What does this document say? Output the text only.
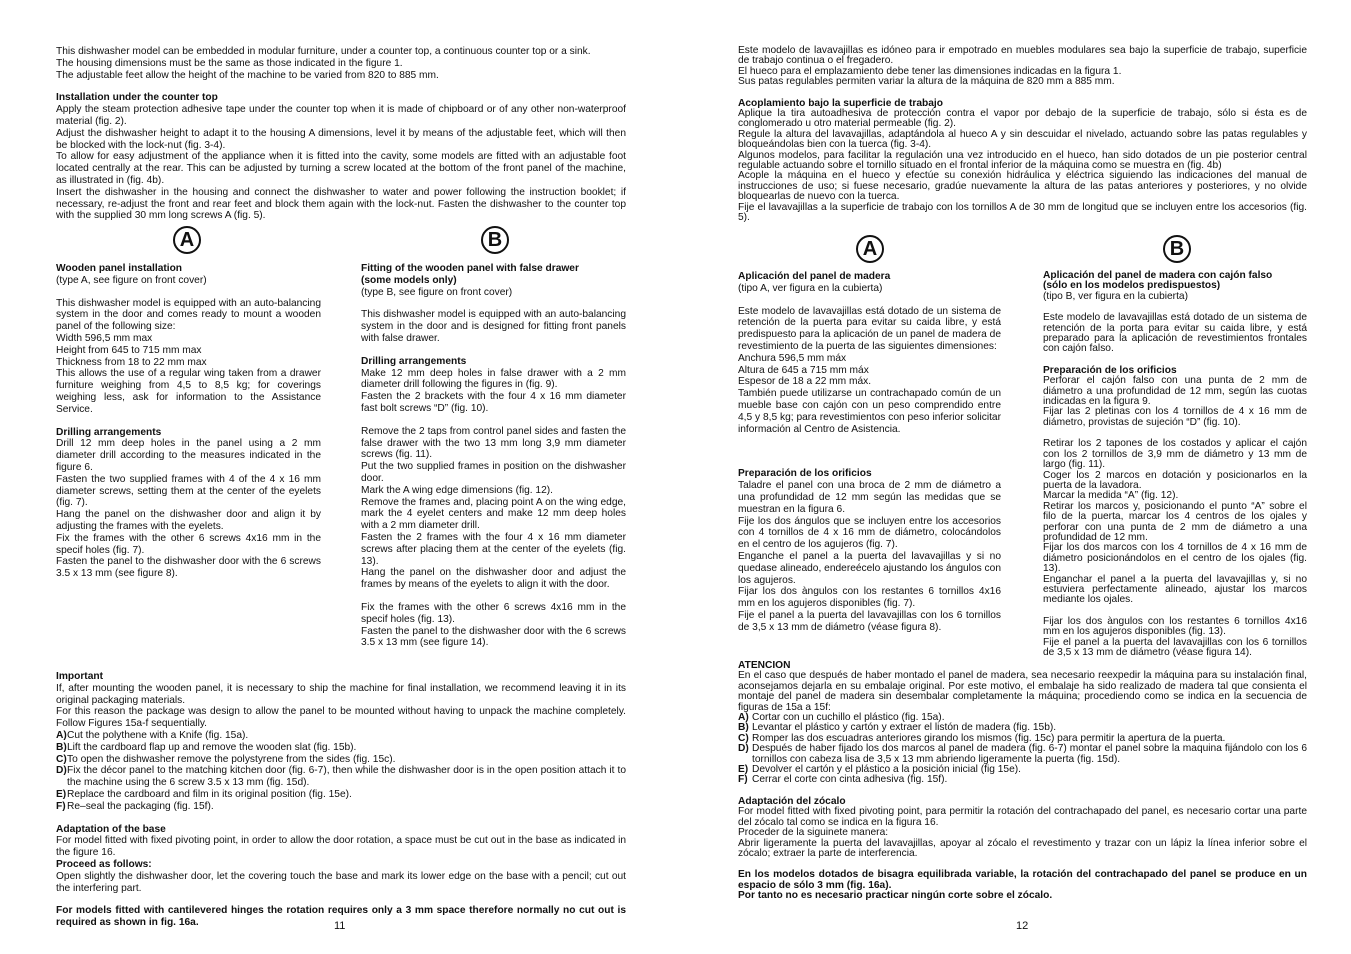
This dishwasher model can be embedded in modular furniture, under a counter top, a continuous counter top or a sink.

The housing dimensions must be the same as those indicated in the figure 1.

The adjustable feet allow the height of the machine to be varied from 820 to 885 mm.

Installation under the counter top

Apply the steam protection adhesive tape under the counter top when it is made of chipboard or of any other non-waterproof material (fig. 2).

Adjust the dishwasher height to adapt it to the housing A dimensions, level it by means of the adjustable feet, which will then be blocked with the lock-nut (fig. 3-4).

To allow for easy adjustment of the appliance when it is fitted into the cavity, some models are fitted with an adjustable foot located centrally at the rear. This can be adjusted by turning a screw located at the bottom of the front panel of the machine, as illustrated in (fig. 4b).

Insert the dishwasher in the housing and connect the dishwasher to water and power following the instruction booklet; if necessary, re-adjust the front and rear feet and block them again with the lock-nut. Fasten the dishwasher to the counter top with the supplied 30 mm long screws A (fig. 5).

A	B

Wooden panel installation

(type A, see figure on front cover)

This dishwasher model is equipped with an auto-balancing system in the door and comes ready to mount a wooden panel of the following size:

Width 596,5 mm max

Height from 645 to 715 mm max

Thickness from 18 to 22 mm max

This allows the use of a regular wing taken from a drawer furniture weighing from 4,5 to 8,5 kg; for coverings weighing less, ask for information to the Assistance Service.

Drilling arrangements

Drill 12 mm deep holes in the panel using a 2 mm diameter drill according to the measures indicated in the figure 6.

Fasten the two supplied frames with 4 of the 4 x 16 mm diameter screws, setting them at the center of the eyelets (fig. 7).

Hang the panel on the dishwasher door and align it by adjusting the frames with the eyelets.

Fix the frames with the other 6 screws 4x16 mm in the specif holes (fig. 7).

Fasten the panel to the dishwasher door with the 6 screws 3.5 x 13 mm (see figure 8).

Fitting of the wooden panel with false drawer

(some models only)

(type B, see figure on front cover)

This dishwasher model is equipped with an auto-balancing system in the door and is designed for fitting front panels with false drawer.

Drilling arrangements

Make 12 mm deep holes in false drawer with a 2 mm diameter drill following the figures in (fig. 9).

Fasten the 2 brackets with the four 4 x 16 mm diameter fast bolt screws “D” (fig. 10).

Remove the 2 taps from control panel sides and fasten the false drawer with the two 13 mm long 3,9 mm diameter screws (fig. 11).

Put the two supplied frames in position on the dishwasher door.

Mark the A wing edge dimensions (fig. 12).

Remove the frames and, placing point A on the wing edge, mark the 4 eyelet centers and make 12 mm deep holes with a 2 mm diameter drill.

Fasten the 2 frames with the four 4 x 16 mm diameter screws after placing them at the center of the eyelets (fig. 13).

Hang the panel on the dishwasher door and adjust the frames by means of the eyelets to align it with the door.

Fix the frames with the other 6 screws 4x16 mm in the specif holes (fig. 13).

Fasten the panel to the dishwasher door with the 6 screws 3.5 x 13 mm (see figure 14).

Important

If, after mounting the wooden panel, it is necessary to ship the machine for final installation, we recommend leaving it in its original packaging materials.

For this reason the package was design to allow the panel to be mounted without having to unpack the machine completely. Follow Figures 15a-f sequentially.

A) Cut the polythene with a Knife (fig. 15a).
B) Lift the cardboard flap up and remove the wooden slat (fig. 15b).
C) To open the dishwasher remove the polystyrene from the sides (fig. 15c).
D) Fix the décor panel to the matching kitchen door (fig. 6-7), then while the dishwasher door is in the open position attach it to the machine using the 6 screw 3.5 x 13 mm (fig. 15d).
E) Replace the cardboard and film in its original position (fig. 15e).
F) Re–seal the packaging (fig. 15f).

Adaptation of the base

For model fitted with fixed pivoting point, in order to allow the door rotation, a space must be cut out in the base as indicated in the figure 16.

Proceed as follows:

Open slightly the dishwasher door, let the covering touch the base and mark its lower edge on the base with a pencil; cut out the interfering part.

For models fitted with cantilevered hinges the rotation requires only a 3 mm space therefore normally no cut out is required as shown in fig. 16a.	11

Este modelo de lavavajillas es idóneo para ir empotrado en muebles modulares sea bajo la superficie de trabajo, superficie de trabajo continua o el fregadero.

El hueco para el emplazamiento debe tener las dimensiones indicadas en la figura 1.

Sus patas regulables permiten variar la altura de la máquina de 820 mm a 885 mm.

Acoplamiento bajo la superficie de trabajo

Aplique la tira autoadhesiva de protección contra el vapor por debajo de la superficie de trabajo, sólo si ésta es de conglomerado u otro material permeable (fig. 2).

Regule la altura del lavavajillas, adaptándola al hueco A y sin descuidar el nivelado, actuando sobre las patas regulables y bloqueándolas bien con la tuerca (fig. 3-4).

Algunos modelos, para facilitar la regulación una vez introducido en el hueco, han sido dotados de un pie posterior central regulable actuando sobre el tornillo situado en el frontal inferior de la máquina como se muestra en (fig. 4b)

Acople la máquina en el hueco y efectúe su conexión hidráulica y eléctrica siguiendo las indicaciones del manual de instrucciones de uso; si fuese necesario, gradúe nuevamente la altura de las patas anteriores y posteriores, y no olvide bloquearlas de nuevo con la tuerca.

Fije el lavavajillas a la superficie de trabajo con los tornillos A de 30 mm de longitud que se incluyen entre los accesorios (fig. 5).

A	B

Aplicación del panel de madera

(tipo A, ver figura en la cubierta)

Este modelo de lavavajillas está dotado de un sistema de retención de la puerta para evitar su caida libre, y está predispuesto para la aplicación de un panel de madera de revestimiento de la puerta de las siguientes dimensiones:

Anchura 596,5 mm máx

Altura de 645 a 715 mm máx

Espesor de 18 a 22 mm máx.

También puede utilizarse un contrachapado común de un mueble base con cajón con un peso comprendido entre 4,5 y 8,5 kg; para revestimientos con peso inferior solicitar información al Centro de Asistencia.

Preparación de los orificios

Taladre el panel con una broca de 2 mm de diámetro a una profundidad de 12 mm según las medidas que se muestran en la figura 6.

Fije los dos ángulos que se incluyen entre los accesorios con 4 tornillos de 4 x 16 mm de diámetro, colocándolos en el centro de los agujeros (fig. 7).

Enganche el panel a la puerta del lavavajillas y si no quedase alineado, endereécelo ajustando los ángulos con los agujeros.

Fijar los dos àngulos con los restantes 6 tornillos 4x16 mm en los agujeros disponibles (fig. 7).

Fije el panel a la puerta del lavavajillas con los 6 tornillos de 3,5 x 13 mm de diámetro (véase figura 8).

Aplicación del panel de madera con cajón falso

(sólo en los modelos predispuestos)

(tipo B, ver figura en la cubierta)

Este modelo de lavavajillas está dotado de un sistema de retención de la porta para evitar su caida libre, y está preparado para la aplicación de revestimientos frontales con cajón falso.

Preparación de los orificios

Perforar el cajón falso con una punta de 2 mm de diámetro a una profundidad de 12 mm, según las cuotas indicadas en la figura 9.

Fijar las 2 pletinas con los 4 tornillos de 4 x 16 mm de diámetro, provistas de sujeción “D” (fig. 10).

Retirar los 2 tapones de los costados y aplicar el cajón con los 2 tornillos de 3,9 mm de diámetro y 13 mm de largo (fig. 11).

Coger los 2 marcos en dotación y posicionarlos en la puerta de la lavadora.

Marcar la medida “A” (fig. 12).

Retirar los marcos y, posicionando el punto “A” sobre el filo de la puerta, marcar los 4 centros de los ojales y perforar con una punta de 2 mm de diámetro a una profundidad de 12 mm.

Fijar los dos marcos con los 4 tornillos de 4 x 16 mm de diámetro posicionándolos en el centro de los ojales (fig. 13).

Enganchar el panel a la puerta del lavavajillas y, si no estuviera perfectamente alineado, ajustar los marcos mediante los ojales.

Fijar los dos àngulos con los restantes 6 tornillos 4x16 mm en los agujeros disponibles (fig. 13).

Fije el panel a la puerta del lavavajillas con los 6 tornillos de 3,5 x 13 mm de diámetro (véase figura 14).

ATENCION

En el caso que después de haber montado el panel de madera, sea necesario reexpedir la máquina para su instalación final, aconsejamos dejarla en su embalaje original. Por este motivo, el embalaje ha sido realizado de madera tal que consienta el montaje del panel de madera sin desembalar completamente la máquina; procediendo como se indica en la secuencia de figuras de 15a a 15f:

A) Cortar con un cuchillo el plástico (fig. 15a).
B) Levantar el plástico y cartón y extraer el listón de madera (fig. 15b).
C) Romper las dos escuadras anteriores girando los mismos (fig. 15c) para permitir la apertura de la puerta.
D) Después de haber fijado los dos marcos al panel de madera (fig. 6-7) montar el panel sobre la maquina fijándolo con los 6 tornillos con cabeza lisa de 3,5 x 13 mm abriendo ligeramente la puerta (fig. 15d).
E) Devolver el cartón y el plástico a la posición inicial (fig 15e).
F) Cerrar el corte con cinta adhesiva (fig. 15f).

Adaptación del zócalo

For model fitted with fixed pivoting point, para permitir la rotación del contrachapado del panel, es necesario cortar una parte del zócalo tal como se indica en la figura 16.

Proceder de la siguinete manera:

Abrir ligeramente la puerta del lavavajillas, apoyar al zócalo el revestimento y trazar con un lápiz la línea inferior sobre el zócalo; extraer la parte de interferencia.

En los modelos dotados de bisagra equilibrada variable, la rotación del contrachapado del panel se produce en un espacio de sólo 3 mm (fig. 16a).

Por tanto no es necesario practicar ningún corte sobre el zócalo.

12
